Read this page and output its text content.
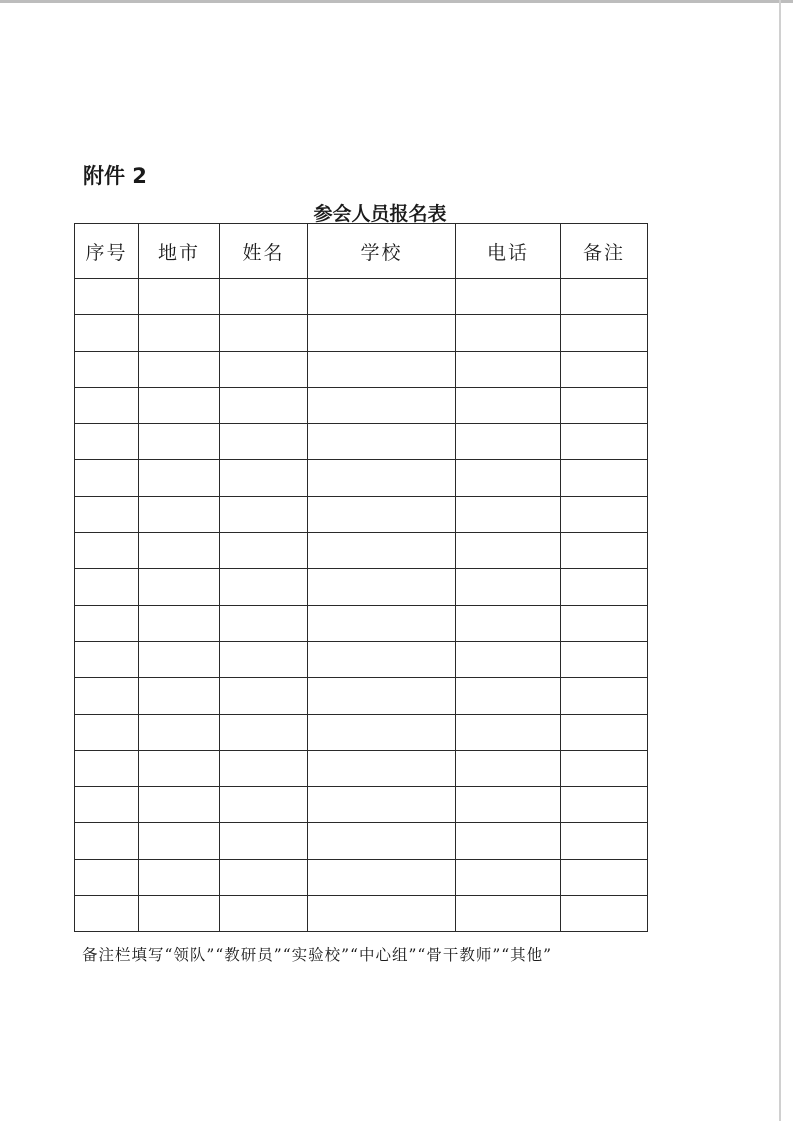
附件 2
参会人员报名表
序号	地市	姓名	学校	电话	备注

备注栏填写“领队”“教研员”“实验校”“中心组”“骨干教师”“其他”
